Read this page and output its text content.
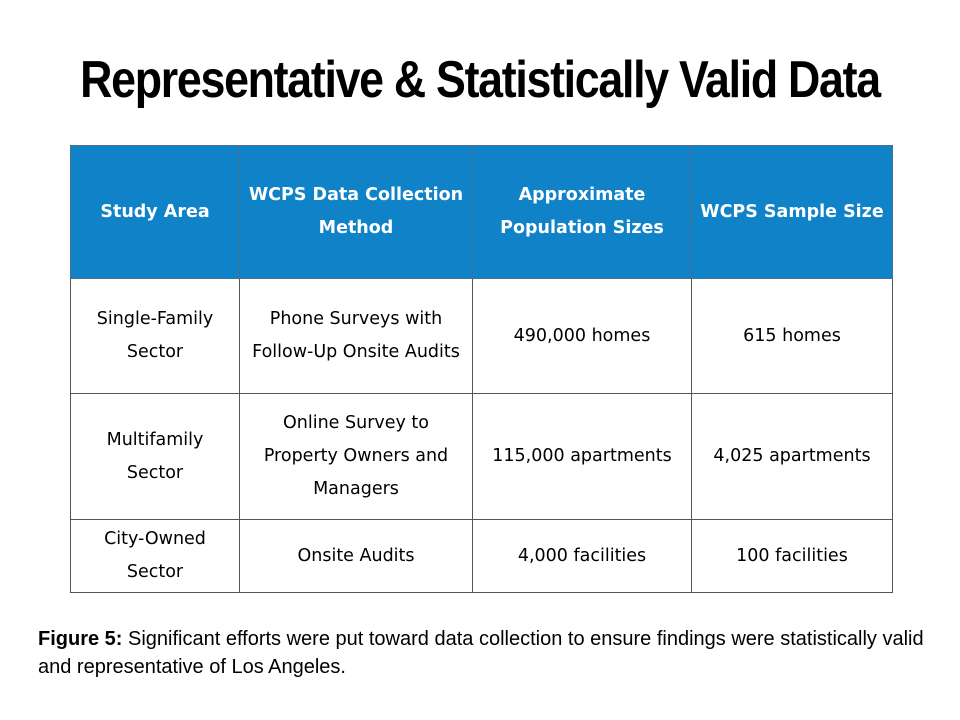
Representative & Statistically Valid Data
Study Area	WCPS Data Collection Method	Approximate Population Sizes	WCPS Sample Size
Single-Family Sector	Phone Surveys with Follow-Up Onsite Audits	490,000 homes	615 homes
Multifamily Sector	Online Survey to Property Owners and Managers	115,000 apartments	4,025 apartments
City-Owned Sector	Onsite Audits	4,000 facilities	100 facilities
Figure 5: Significant efforts were put toward data collection to ensure findings were statistically valid and representative of Los Angeles.
